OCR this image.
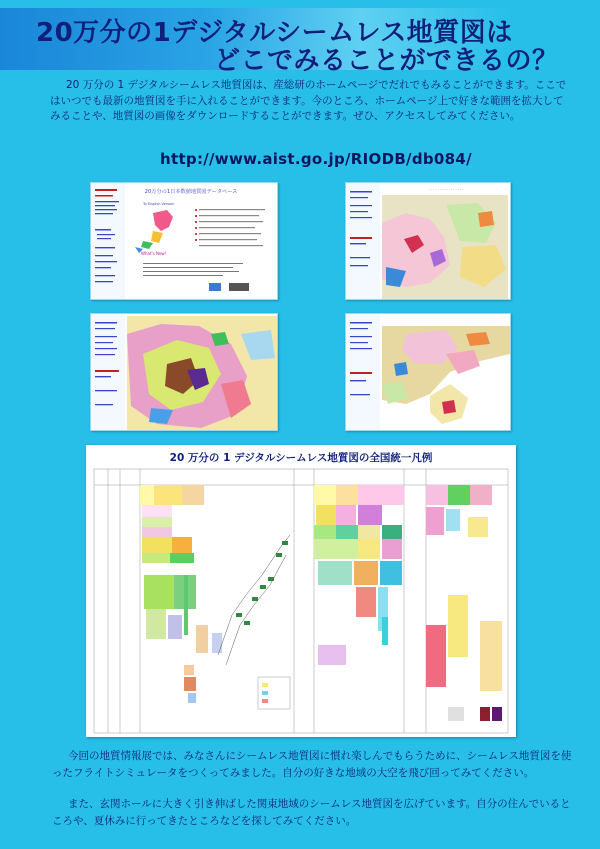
20万分の1デジタルシームレス地質図は
どこでみることができるの？

20 万分の 1 デジタルシームレス地質図は、産総研のホームページでだれでもみることができます。ここではいつでも最新の地質図を手に入れることができます。今のところ、ホームページ上で好きな範囲を拡大してみることや、地質図の画像をダウンロードすることができます。ぜひ、アクセスしてみてください。

http://www.aist.go.jp/RIODB/db084/
20万分の1日本数値地質図データベース
To English Version
What's New!
· · · · · · · · · · · · · · · ·
20 万分の 1 デジタルシームレス地質図の全国統一凡例

今回の地質情報展では、みなさんにシームレス地質図に慣れ楽しんでもらうために、シームレス地質図を使ったフライトシミュレータをつくってみました。自分の好きな地域の大空を飛び回ってみてください。

また、玄関ホールに大きく引き伸ばした関東地域のシームレス地質図を広げています。自分の住んでいるところや、夏休みに行ってきたところなどを探してみてください。
